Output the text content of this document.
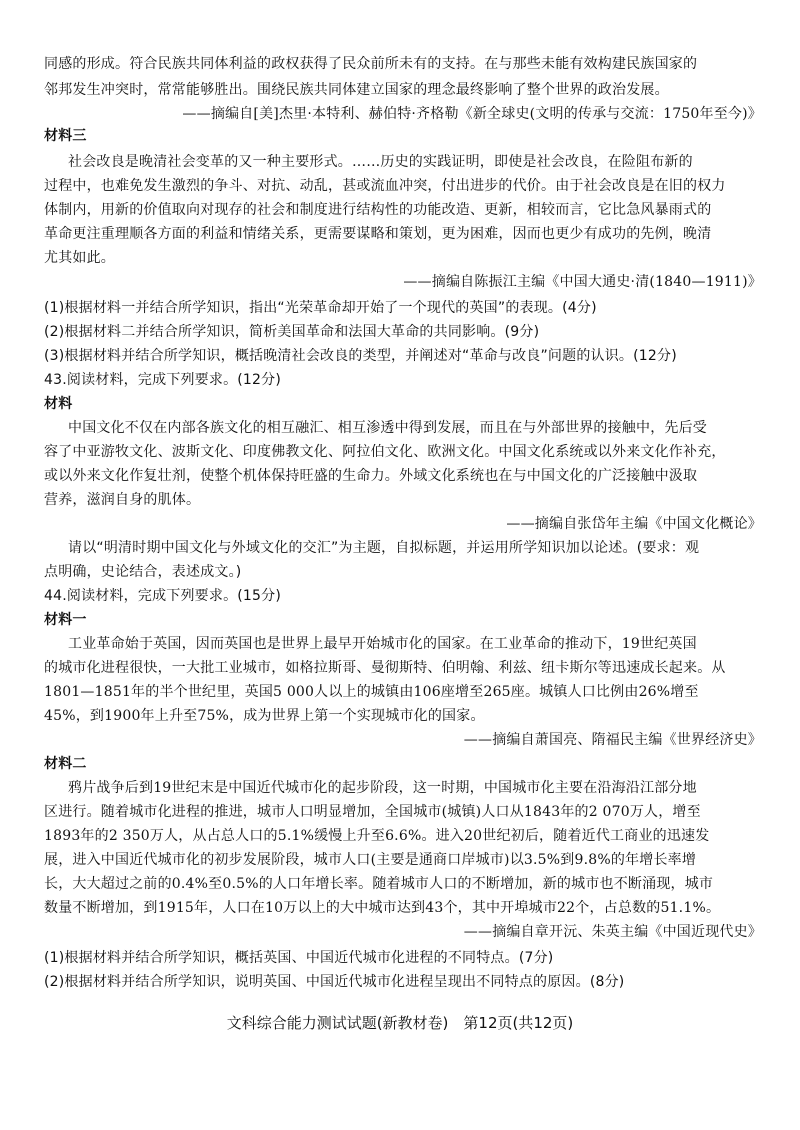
同感的形成。符合民族共同体利益的政权获得了民众前所未有的支持。在与那些未能有效构建民族国家的
邻邦发生冲突时，常常能够胜出。围绕民族共同体建立国家的理念最终影响了整个世界的政治发展。
——摘编自[美]杰里·本特利、赫伯特·齐格勒《新全球史(文明的传承与交流：1750年至今)》
材料三
社会改良是晚清社会变革的又一种主要形式。……历史的实践证明，即使是社会改良，在险阻布新的
过程中，也难免发生激烈的争斗、对抗、动乱，甚或流血冲突，付出进步的代价。由于社会改良是在旧的权力
体制内，用新的价值取向对现存的社会和制度进行结构性的功能改造、更新，相较而言，它比急风暴雨式的
革命更注重理顺各方面的利益和情绪关系，更需要谋略和策划，更为困难，因而也更少有成功的先例，晚清
尤其如此。
——摘编自陈振江主编《中国大通史·清(1840—1911)》
(1)根据材料一并结合所学知识，指出“光荣革命却开始了一个现代的英国”的表现。(4分)
(2)根据材料二并结合所学知识，简析美国革命和法国大革命的共同影响。(9分)
(3)根据材料并结合所学知识，概括晚清社会改良的类型，并阐述对“革命与改良”问题的认识。(12分)
43.阅读材料，完成下列要求。(12分)
材料
中国文化不仅在内部各族文化的相互融汇、相互渗透中得到发展，而且在与外部世界的接触中，先后受
容了中亚游牧文化、波斯文化、印度佛教文化、阿拉伯文化、欧洲文化。中国文化系统或以外来文化作补充，
或以外来文化作复壮剂，使整个机体保持旺盛的生命力。外域文化系统也在与中国文化的广泛接触中汲取
营养，滋润自身的肌体。
——摘编自张岱年主编《中国文化概论》
请以“明清时期中国文化与外域文化的交汇”为主题，自拟标题，并运用所学知识加以论述。(要求：观
点明确，史论结合，表述成文。)
44.阅读材料，完成下列要求。(15分)
材料一
工业革命始于英国，因而英国也是世界上最早开始城市化的国家。在工业革命的推动下，19世纪英国
的城市化进程很快，一大批工业城市，如格拉斯哥、曼彻斯特、伯明翰、利兹、纽卡斯尔等迅速成长起来。从
1801—1851年的半个世纪里，英国5 000人以上的城镇由106座增至265座。城镇人口比例由26%增至
45%，到1900年上升至75%，成为世界上第一个实现城市化的国家。
——摘编自萧国亮、隋福民主编《世界经济史》
材料二
鸦片战争后到19世纪末是中国近代城市化的起步阶段，这一时期，中国城市化主要在沿海沿江部分地
区进行。随着城市化进程的推进，城市人口明显增加，全国城市(城镇)人口从1843年的2 070万人，增至
1893年的2 350万人，从占总人口的5.1%缓慢上升至6.6%。进入20世纪初后，随着近代工商业的迅速发
展，进入中国近代城市化的初步发展阶段，城市人口(主要是通商口岸城市)以3.5%到9.8%的年增长率增
长，大大超过之前的0.4%至0.5%的人口年增长率。随着城市人口的不断增加，新的城市也不断涌现，城市
数量不断增加，到1915年，人口在10万以上的大中城市达到43个，其中开埠城市22个，占总数的51.1%。
——摘编自章开沅、朱英主编《中国近现代史》
(1)根据材料并结合所学知识，概括英国、中国近代城市化进程的不同特点。(7分)
(2)根据材料并结合所学知识，说明英国、中国近代城市化进程呈现出不同特点的原因。(8分)
文科综合能力测试试题(新教材卷)　第12页(共12页)
